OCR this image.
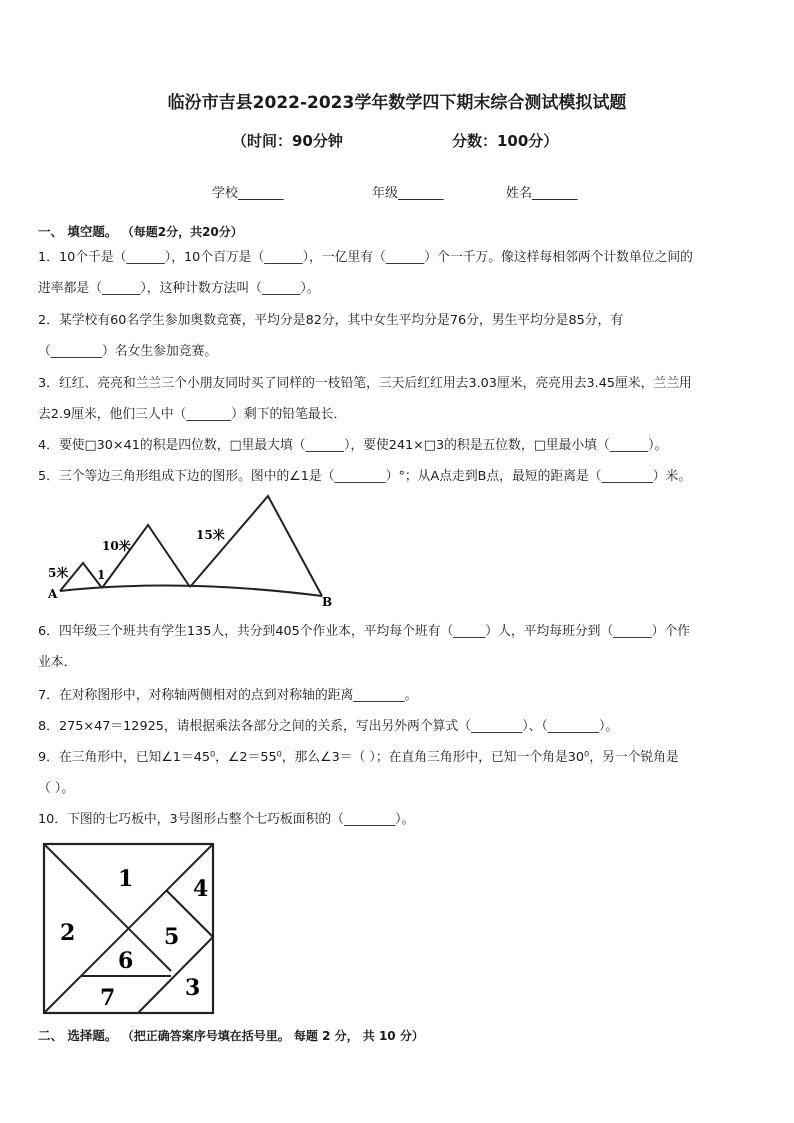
临汾市吉县2022-2023学年数学四下期末综合测试模拟试题
（时间：90分钟	分数：100分）
学校_______	年级_______	姓名_______
一、 填空题。 （每题2分，共20分）
1．10个千是（______），10个百万是（______），一亿里有（______）个一千万。像这样每相邻两个计数单位之间的
进率都是（______），这种计数方法叫（______）。
2．某学校有60名学生参加奥数竞赛，平均分是82分，其中女生平均分是76分，男生平均分是85分，有
（________）名女生参加竞赛。
3．红红、亮亮和兰兰三个小朋友同时买了同样的一枝铅笔，三天后红红用去3.03厘米，亮亮用去3.45厘米，兰兰用
去2.9厘米，他们三人中（_______）剩下的铅笔最长．
4．要使□30×41的积是四位数，□里最大填（______），要使241×□3的积是五位数，□里最小填（______）。
5．三个等边三角形组成下边的图形。图中的∠1是（________）°；从A点走到B点，最短的距离是（________）米。
5米 1
10米
15米
A
B
6．四年级三个班共有学生135人，共分到405个作业本，平均每个班有（_____）人，平均每班分到（______）个作
业本．
7．在对称图形中，对称轴两侧相对的点到对称轴的距离________。
8．275×47＝12925，请根据乘法各部分之间的关系，写出另外两个算式（________）、（________）。
9．在三角形中，已知∠1＝45⁰，∠2＝55⁰，那么∠3＝（ ）；在直角三角形中，已知一个角是30⁰，另一个锐角是
（ ）。
10．下图的七巧板中，3号图形占整个七巧板面积的（________）。
1
2
3
4
5
6
7
二、 选择题。 （把正确答案序号填在括号里。 每题 2 分， 共 10 分）
